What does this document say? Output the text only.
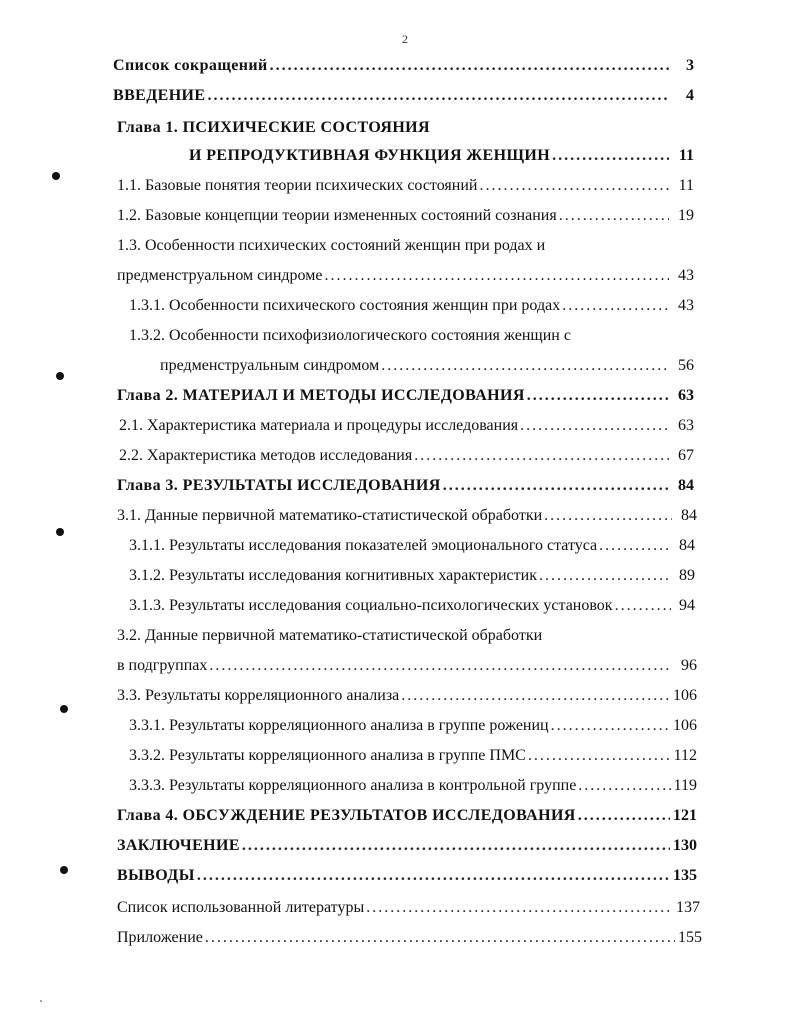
2
Список сокращений .....	3
ВВЕДЕНИЕ .....	4
Глава 1. ПСИХИЧЕСКИЕ СОСТОЯНИЯ
И РЕПРОДУКТИВНАЯ ФУНКЦИЯ ЖЕНЩИН .....	11
1.1. Базовые понятия теории психических состояний .....	11
1.2. Базовые концепции теории измененных состояний сознания .....	19
1.3. Особенности психических состояний женщин при родах и
предменструальном синдроме .....	43
1.3.1. Особенности психического состояния женщин при родах .....	43
1.3.2. Особенности психофизиологического состояния женщин с
предменструальным синдромом .....	56
Глава 2. МАТЕРИАЛ И МЕТОДЫ ИССЛЕДОВАНИЯ .....	63
2.1. Характеристика материала и процедуры исследования .....	63
2.2. Характеристика методов исследования .....	67
Глава 3. РЕЗУЛЬТАТЫ ИССЛЕДОВАНИЯ .....	84
3.1. Данные первичной математико-статистической обработки .....	84
3.1.1. Результаты исследования показателей эмоционального статуса .....	84
3.1.2. Результаты исследования когнитивных характеристик .....	89
3.1.3. Результаты исследования социально-психологических установок .....	94
3.2. Данные первичной математико-статистической обработки
в подгруппах .....	96
3.3. Результаты корреляционного анализа .....	106
3.3.1. Результаты корреляционного анализа в группе рожениц .....	106
3.3.2. Результаты корреляционного анализа в группе ПМС .....	112
3.3.3. Результаты корреляционного анализа в контрольной группе .....	119
Глава 4. ОБСУЖДЕНИЕ РЕЗУЛЬТАТОВ ИССЛЕДОВАНИЯ .....	121
ЗАКЛЮЧЕНИЕ .....	130
ВЫВОДЫ .....	135
Список использованной литературы .....	137
Приложение .....	155
